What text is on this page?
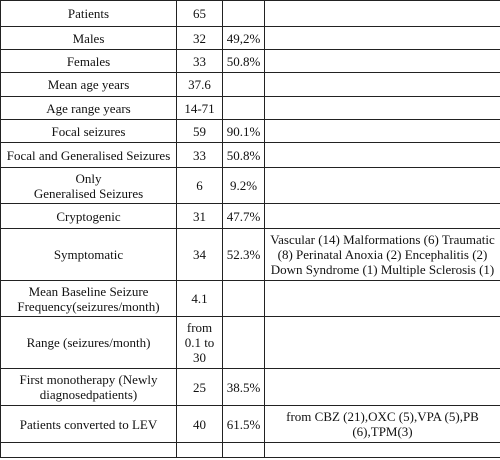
Patients	65		
Males	32	49,2%	
Females	33	50.8%	
Mean age years	37.6		
Age range years	14-71		
Focal seizures	59	90.1%	
Focal and Generalised Seizures	33	50.8%	
Only
Generalised Seizures	6	9.2%	
Cryptogenic	31	47.7%	
Symptomatic	34	52.3%	Vascular (14) Malformations (6) Traumatic (8) Perinatal Anoxia (2) Encephalitis (2) Down Syndrome (1) Multiple Sclerosis (1)
Mean Baseline Seizure Frequency(seizures/month)	4.1		
Range (seizures/month)	from 0.1 to 30		
First monotherapy (Newly diagnosedpatients)	25	38.5%	
Patients converted to LEV	40	61.5%	from CBZ (21),OXC (5),VPA (5),PB (6),TPM(3)
